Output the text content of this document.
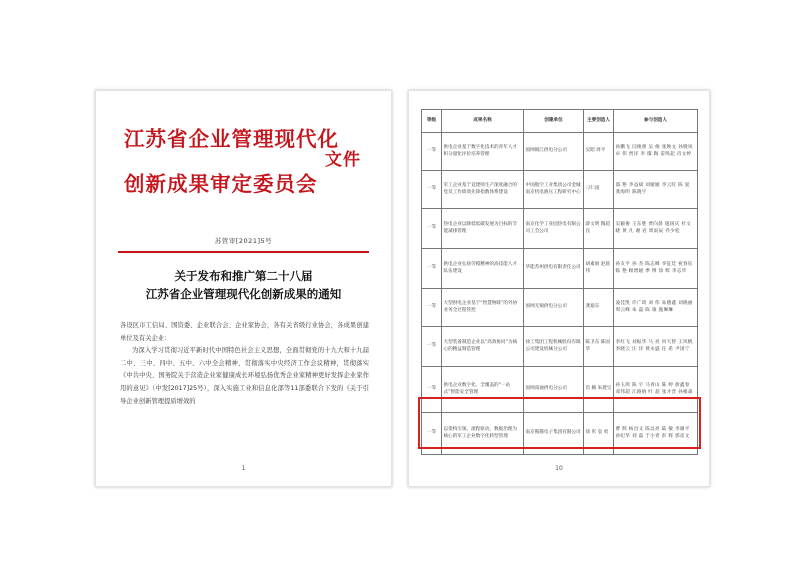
江苏省企业管理现代化
文件
创新成果审定委员会
苏管审[2021]5号
关于发布和推广第二十八届
江苏省企业管理现代化创新成果的通知

各设区市工信局、国资委、企业联合会、企业家协会，各有关省级行业协会，各成果创建单位及有关企业：

为深入学习贯彻习近平新时代中国特色社会主义思想，全面贯彻党的十九大和十九届二中、三中、四中、五中、六中全会精神，贯彻落实中央经济工作会议精神，贯彻落实《中共中央、国务院关于营造企业家健康成长环境弘扬优秀企业家精神更好发挥企业家作用的意见》（中发[2017]25号），深入实施工业和信息化部等11部委联合下发的《关于引导企业创新管理提质增效的

1
等级	成果名称	创建单位	主要创造人	参与创造人
一等	供电企业基于数字化技术的青年人才积分量化评价培养管理	国网镇江供电分公司	吴昭 周平	孙鹏飞 闫俊蕾 吴 俊 张焕文 孙晓凤 卓 伟 贾洋 李 璨 陶 雷鸣起 肖文婷
一等	军工企业基于竞建师生产深度融合的党员工作绩效先锋指数体系建设	中国航空工业集团公司金城南京机电液压工程研究中心	刁仁国	邵 艳 李益斌 刘媛媛 李云旺 陈 爱 龚海明 陈晓宇
一等	热电企业以降低低碳发展为目标的节能减排管理	南京化学工业园热电有限公司工会公司	薛文明 陶超良	吴颖俊 王东胜 贾向晨 施国庆 杜文晓 黄 凡 谢 岩 周雨辰 乔少松
一等	供电企业弘扬劳模精神的高技能人才队伍建设	华能苏州供电有限责任公司	胡素娟 赵晨伟	孙友平 孙 杰 陈志峰 李征廷 祝春钰 陈 艳 顾增媛 季 博 徐 辉 李志华
一等	大型供电企业基于“智慧物联”的外协业务全过程管控	国网无锡供电分公司	龚迪东	凌佳凯 许广琦 刘 伟 朱德鑫 刘晓丽 周云峰 朱 磊 陈 康 施琳琳
一等	大型装备制造企业以“高效协同”为核心的精益制造管理	徐工集团工程机械股份有限公司建设机械分公司	陈卫东 陈国华	李红飞 刘振华 马 亮 何天智 王风帆 李晓云 汪 洋 黄永盛 任 希 尹国宁
一等	供电企业数字化、全覆盖的“一站式”智能安全管理	国网南通供电分公司	肖 楠 朱建宝	孙玉鸿 陈 宇 马青山 陈 婷 俞鑫春 邓伟超 江路炳 叶 超 张才晋 孙根森
一等	以架构引领、流程驱动、数据治理为核心的军工企业数字化转型管理	南京熊猫电子集团有限公司	徐 彤 袁 勇	曹 辉 杨昌文 陈以亮 陆 敏 李雄平 孙纪华 刘 磊 于小青 彭 辉 郭彦文
10
